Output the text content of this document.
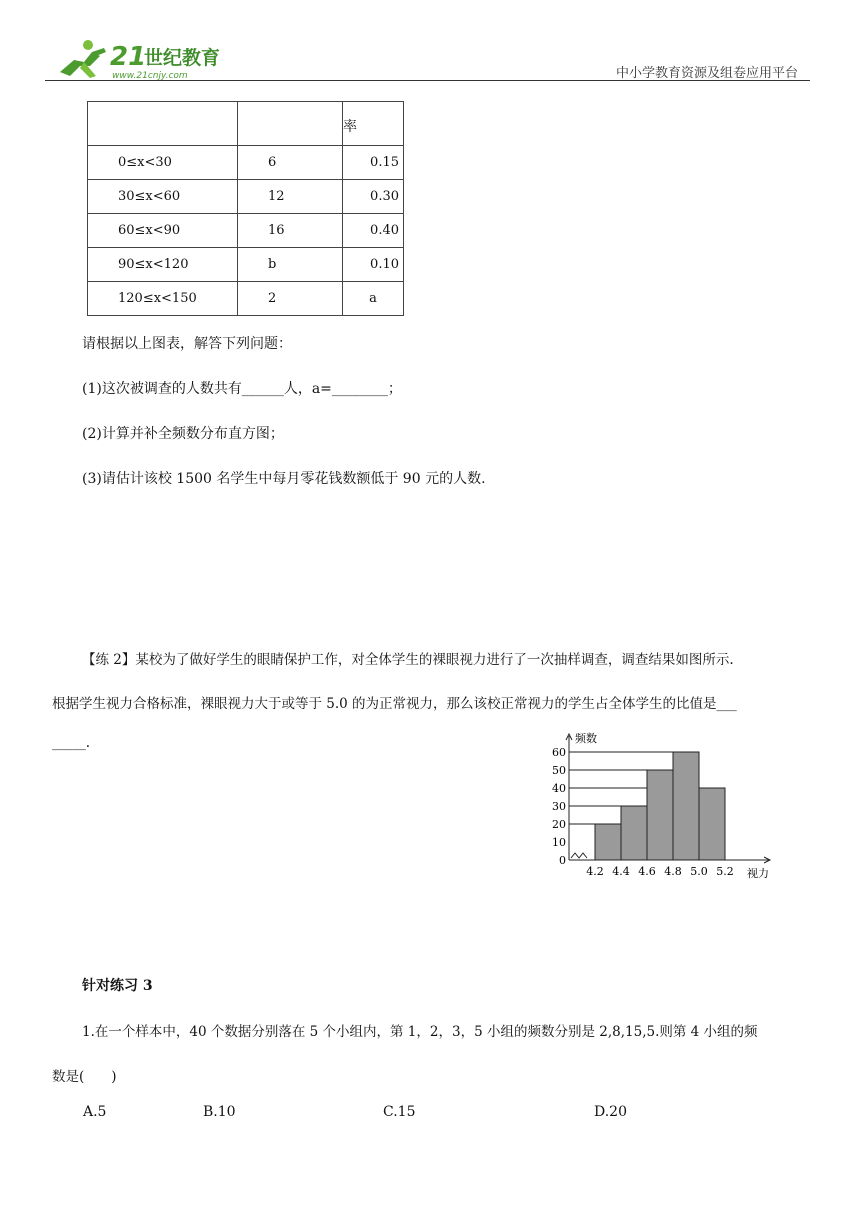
21
世纪教育
www.21cnjy.com	中小学教育资源及组卷应用平台
		率
0≤x<30	6	0.15
30≤x<60	12	0.30
60≤x<90	16	0.40
90≤x<120	b	0.10
120≤x<150	2	a
请根据以上图表，解答下列问题：
(1)这次被调查的人数共有______人，a=________；
(2)计算并补全频数分布直方图；
(3)请估计该校 1500 名学生中每月零花钱数额低于 90 元的人数.
【练 2】某校为了做好学生的眼睛保护工作，对全体学生的裸眼视力进行了一次抽样调查，调查结果如图所示.
根据学生视力合格标准，裸眼视力大于或等于 5.0 的为正常视力，那么该校正常视力的学生占全体学生的比值是___
_____.
0
10
20
30
40
50
60
4.2 4.4 4.6 4.8 5.0 5.2
频数
视力
针对练习 3
1.在一个样本中，40 个数据分别落在 5 个小组内，第 1，2，3，5 小组的频数分别是 2,8,15,5.则第 4 小组的频
数是(　　)
A.5	B.10	C.15	D.20
